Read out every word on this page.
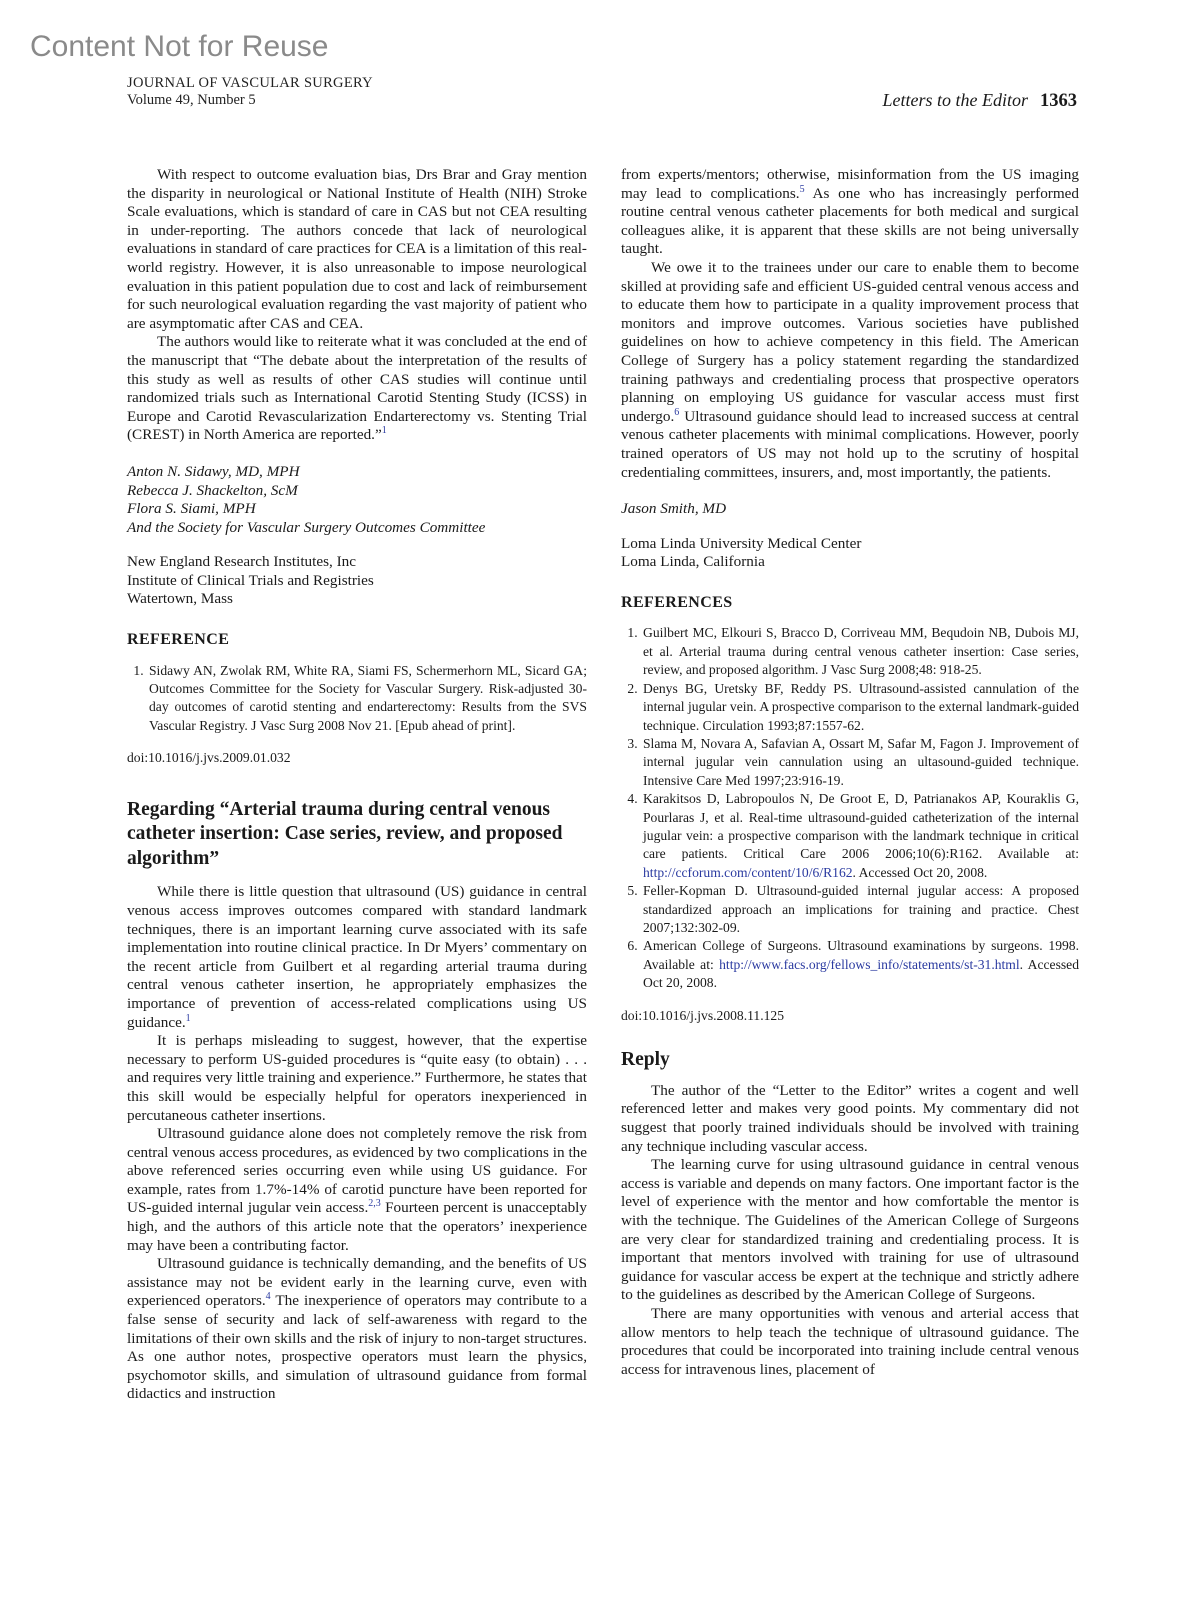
Content Not for Reuse
JOURNAL OF VASCULAR SURGERY
Volume 49, Number 5	Letters to the Editor 1363

With respect to outcome evaluation bias, Drs Brar and Gray mention the disparity in neurological or National Institute of Health (NIH) Stroke Scale evaluations, which is standard of care in CAS but not CEA resulting in under-reporting. The authors concede that lack of neurological evaluations in standard of care practices for CEA is a limitation of this real-world registry. However, it is also unreasonable to impose neurological evaluation in this patient population due to cost and lack of reimbursement for such neurological evaluation regarding the vast majority of patient who are asymptomatic after CAS and CEA.

The authors would like to reiterate what it was concluded at the end of the manuscript that “The debate about the interpretation of the results of this study as well as results of other CAS studies will continue until randomized trials such as International Carotid Stenting Study (ICSS) in Europe and Carotid Revascularization Endarterectomy vs. Stenting Trial (CREST) in North America are reported.”$^1$

Anton N. Sidawy, MD, MPH
Rebecca J. Shackelton, ScM
Flora S. Siami, MPH
And the Society for Vascular Surgery Outcomes Committee
New England Research Institutes, Inc
Institute of Clinical Trials and Registries
Watertown, Mass
REFERENCE
1. Sidawy AN, Zwolak RM, White RA, Siami FS, Schermerhorn ML, Sicard GA; Outcomes Committee for the Society for Vascular Surgery. Risk-adjusted 30-day outcomes of carotid stenting and endarterectomy: Results from the SVS Vascular Registry. J Vasc Surg 2008 Nov 21. [Epub ahead of print].
doi:10.1016/j.jvs.2009.01.032
Regarding “Arterial trauma during central venous catheter insertion: Case series, review, and proposed algorithm”

While there is little question that ultrasound (US) guidance in central venous access improves outcomes compared with standard landmark techniques, there is an important learning curve associated with its safe implementation into routine clinical practice. In Dr Myers’ commentary on the recent article from Guilbert et al regarding arterial trauma during central venous catheter insertion, he appropriately emphasizes the importance of prevention of access-related complications using US guidance.$^1$

It is perhaps misleading to suggest, however, that the expertise necessary to perform US-guided procedures is “quite easy (to obtain) . . . and requires very little training and experience.” Furthermore, he states that this skill would be especially helpful for operators inexperienced in percutaneous catheter insertions.

Ultrasound guidance alone does not completely remove the risk from central venous access procedures, as evidenced by two complications in the above referenced series occurring even while using US guidance. For example, rates from 1.7%-14% of carotid puncture have been reported for US-guided internal jugular vein access.$^{2,3}$ Fourteen percent is unacceptably high, and the authors of this article note that the operators’ inexperience may have been a contributing factor.

Ultrasound guidance is technically demanding, and the benefits of US assistance may not be evident early in the learning curve, even with experienced operators.$^4$ The inexperience of operators may contribute to a false sense of security and lack of self-awareness with regard to the limitations of their own skills and the risk of injury to non-target structures. As one author notes, prospective operators must learn the physics, psychomotor skills, and simulation of ultrasound guidance from formal didactics and instruction

from experts/mentors; otherwise, misinformation from the US imaging may lead to complications.$^5$ As one who has increasingly performed routine central venous catheter placements for both medical and surgical colleagues alike, it is apparent that these skills are not being universally taught.

We owe it to the trainees under our care to enable them to become skilled at providing safe and efficient US-guided central venous access and to educate them how to participate in a quality improvement process that monitors and improve outcomes. Various societies have published guidelines on how to achieve competency in this field. The American College of Surgery has a policy statement regarding the standardized training pathways and credentialing process that prospective operators planning on employing US guidance for vascular access must first undergo.$^6$ Ultrasound guidance should lead to increased success at central venous catheter placements with minimal complications. However, poorly trained operators of US may not hold up to the scrutiny of hospital credentialing committees, insurers, and, most importantly, the patients.

Jason Smith, MD
Loma Linda University Medical Center
Loma Linda, California
REFERENCES
1. Guilbert MC, Elkouri S, Bracco D, Corriveau MM, Bequdoin NB, Dubois MJ, et al. Arterial trauma during central venous catheter insertion: Case series, review, and proposed algorithm. J Vasc Surg 2008;48: 918-25.
2. Denys BG, Uretsky BF, Reddy PS. Ultrasound-assisted cannulation of the internal jugular vein. A prospective comparison to the external landmark-guided technique. Circulation 1993;87:1557-62.
3. Slama M, Novara A, Safavian A, Ossart M, Safar M, Fagon J. Improvement of internal jugular vein cannulation using an ultasound-guided technique. Intensive Care Med 1997;23:916-19.
4. Karakitsos D, Labropoulos N, De Groot E, D, Patrianakos AP, Kouraklis G, Pourlaras J, et al. Real-time ultrasound-guided catheterization of the internal jugular vein: a prospective comparison with the landmark technique in critical care patients. Critical Care 2006 2006;10(6):R162. Available at: http://ccforum.com/content/10/6/R162. Accessed Oct 20, 2008.
5. Feller-Kopman D. Ultrasound-guided internal jugular access: A proposed standardized approach an implications for training and practice. Chest 2007;132:302-09.
6. American College of Surgeons. Ultrasound examinations by surgeons. 1998. Available at: http://www.facs.org/fellows_info/statements/st-31.html. Accessed Oct 20, 2008.
doi:10.1016/j.jvs.2008.11.125
Reply

The author of the “Letter to the Editor” writes a cogent and well referenced letter and makes very good points. My commentary did not suggest that poorly trained individuals should be involved with training any technique including vascular access.

The learning curve for using ultrasound guidance in central venous access is variable and depends on many factors. One important factor is the level of experience with the mentor and how comfortable the mentor is with the technique. The Guidelines of the American College of Surgeons are very clear for standardized training and credentialing process. It is important that mentors involved with training for use of ultrasound guidance for vascular access be expert at the technique and strictly adhere to the guidelines as described by the American College of Surgeons.

There are many opportunities with venous and arterial access that allow mentors to help teach the technique of ultrasound guidance. The procedures that could be incorporated into training include central venous access for intravenous lines, placement of
